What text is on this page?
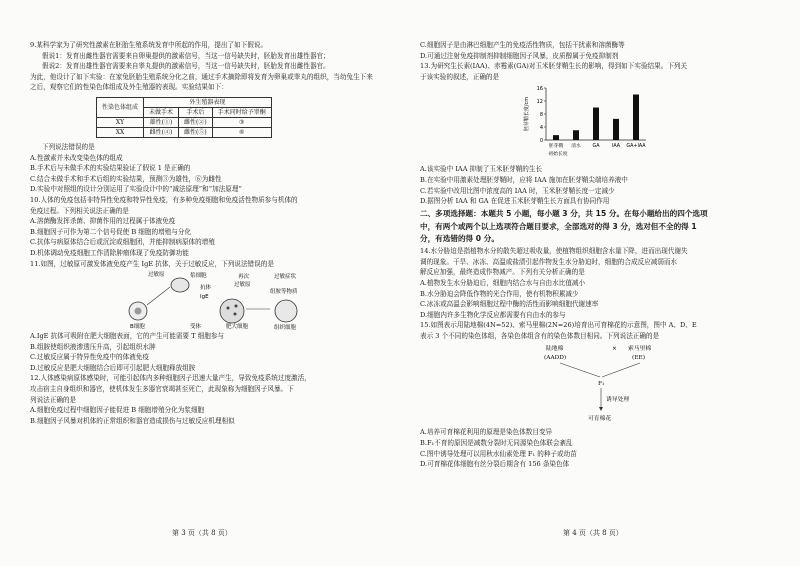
9.某科学家为了研究性激素在胚胎生殖系统发育中所起的作用，提出了如下假说。

假说1：发育出雌性器官需要来自卵巢提供的激素信号，当这一信号缺失时，胚胎发育出雄性器官；

假说2：发育出雄性器官需要来自睾丸提供的激素信号，当这一信号缺失时，胚胎发育出雌性器官。

为此，他设计了如下实验：在家兔胚胎生殖系统分化之前，通过手术摘除即将发育为卵巢或睾丸的组织，当幼兔生下来之后，观察它们的性染色体组成及外生殖器的表现。实验结果如下：

性染色体组成	外生殖器表现		
	未做手术	手术后	手术同时给予睾酮
XY	雄性(①)	雌性(②)	③
XX	雌性(④)	雌性(⑤)	⑥

下列说法错误的是

A.性激素并未改变染色体的组成

B.手术后与未做手术的实验结果验证了假说 1 是正确的

C.结合未做手术和手术后组的实验结果，预测③为雄性，⑥为雌性

D.实验中对照组的设计分别运用了实验设计中的“减法原理”和“加法原理”

10.人体的免疫包括非特异性免疫和特异性免疫，有多种免疫细胞和免疫活性物质参与机体的

免疫过程。下列相关说法正确的是

A.溶菌酶发挥杀菌、抑菌作用的过程属于体液免疫

B.细胞因子可作为第二个信号促使 B 细胞的增殖与分化

C.抗体与病原体结合后或沉淀或细胞团，并能抑制病原体的增殖

D.机体调动免疫细胞工作清除肿瘤体现了免疫防御功能

11.如图，过敏原可激发体液免疫产生 IgE 抗体，关于过敏反应，下列说法错误的是

B细胞
过敏原	浆细胞
抗体
IgE
受体	肥大细胞
再次
过敏原
过敏症状
组胺等物质
组织细胞

A.IgE 抗体可吸附在肥大细胞表面，它的产生可能需要 T 细胞参与

B.组胺使组织液渗透压升高，引起组织水肿

C.过敏反应属于特异性免疫中的体液免疫

D.过敏反应是肥大细胞结合后即可引起肥大细胞释放组胺

12.人体感染病原体感染时，可能引起体内多种细胞因子迅速大量产生，导致免疫系统过度激活，

攻击宿主自身组织和器官，使机体发生多器官衰竭甚至死亡，此现象称为细胞因子风暴。下

列说法正确的是

A.细胞免疫过程中细胞因子能促进 B 细胞增殖分化为浆细胞

B.细胞因子风暴对机体的正常组织和器官造成损伤与过敏反应机理相似

C.细胞因子是由淋巴细胞产生的免疫活性物质，包括干扰素和溶菌酶等

D.可通过注射免疫抑制剂抑制细胞因子风暴，皮质醇属于免疫抑制剂

13.为研究生长素(IAA)、赤霉素(GA)对玉米胚芽鞘生长的影响，得到如下实验结果。下列关

于该实验的叙述，正确的是

0
4
8
12
16
胚芽鞘长度/cm
胚芽鞘 清水 GA	IAA GA+IAA
初始长度

A.该实验中 IAA 抑制了玉米胚芽鞘的生长

B.在实验中用激素处理胚芽鞘时，应将 IAA 施加在胚芽鞘尖端培养液中

C.若实验中改用比图中浓度高的 IAA 时，玉米胚芽鞘长度一定减少

D.据图分析 IAA 和 GA 在促进玉米胚芽鞘生长方面具有协同作用

二、多项选择题：本题共 5 小题，每小题 3 分，共 15 分。在每小题给出的四个选项

中，有两个或两个以上选项符合题目要求，全部选对的得 3 分，选对但不全的得 1

分，有选错的得 0 分。

14.水分胁迫是指植物水分的散失超过吸收量，使植物组织细胞含水量下降，进而出现代谢失

调的现象。干旱、冰冻、高温或盐渍引起作物发生水分胁迫时，细胞的合成反应减弱而水

解反应加强，最终造成作物减产。下列有关分析正确的是

A.植物发生水分胁迫后，细胞内结合水与自由水比值减小

B.水分胁迫会降低作物的光合作用，使有机物积累减少

C.冰冻或高温会影响细胞过程中酶的活性而影响细胞代谢速率

D.细胞内许多生物化学反应都需要有自由水的参与

15.如图表示用陆地棉(4N=52)、索马里棉(2N=26)培育出可育棉花的示意图，图中 A、D、E

表示 3 个不同的染色体组，各染色体组含有的染色体数目相同。下列说法正确的是

陆地棉
(AADD)
× 索马里棉
(EE)
F₁
诱导处理
可育棉花

A.培养可育棉花利用的原理是染色体数目变异

B.F₁不育的原因是减数分裂时无同源染色体联会紊乱

C.图中诱导处理可以用秋水仙素处理 F₁ 的种子或幼苗

D.可育棉花体细胞有丝分裂后期含有 156 条染色体

第 3 页（共 8 页）	第 4 页（共 8 页）
